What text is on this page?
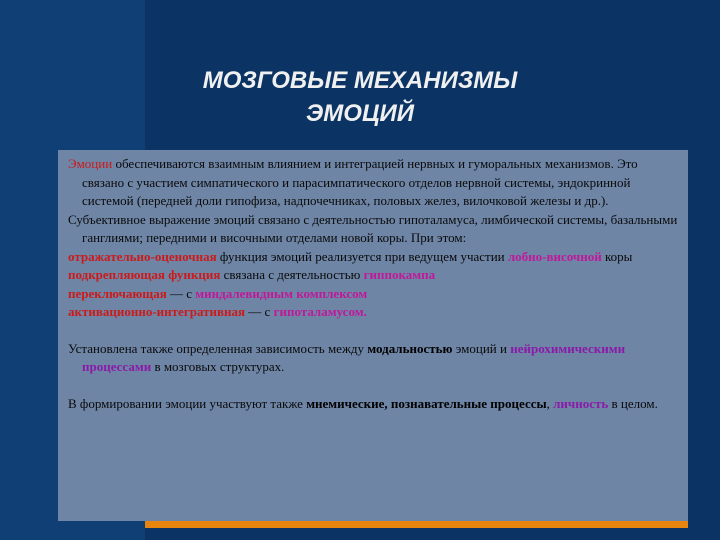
МОЗГОВЫЕ МЕХАНИЗМЫ
ЭМОЦИЙ

Эмоции обеспечиваются взаимным влиянием и интеграцией нервных и гуморальных механизмов. Это связано с участием симпатического и парасимпатического отделов нервной системы, эндокринной системой (передней доли гипофиза, надпочечниках, половых желез, вилочковой железы и др.).

Субъективное выражение эмоций связано с деятельностью гипоталамуса, лимбической системы, базальными ганглиями; передними и височными отделами новой коры. При этом:

отражательно-оценочная функция эмоций реализуется при ведущем участии лобно-височной коры

подкрепляющая функция связана с деятельностью гиппокампа

переключающая — с миндалевидным комплексом

активационно-интегративная — с гипоталамусом.

Установлена также определенная зависимость между модальностью эмоций и нейрохимическими процессами в мозговых структурах.

В формировании эмоции участвуют также мнемические, познавательные процессы, личность в целом.
